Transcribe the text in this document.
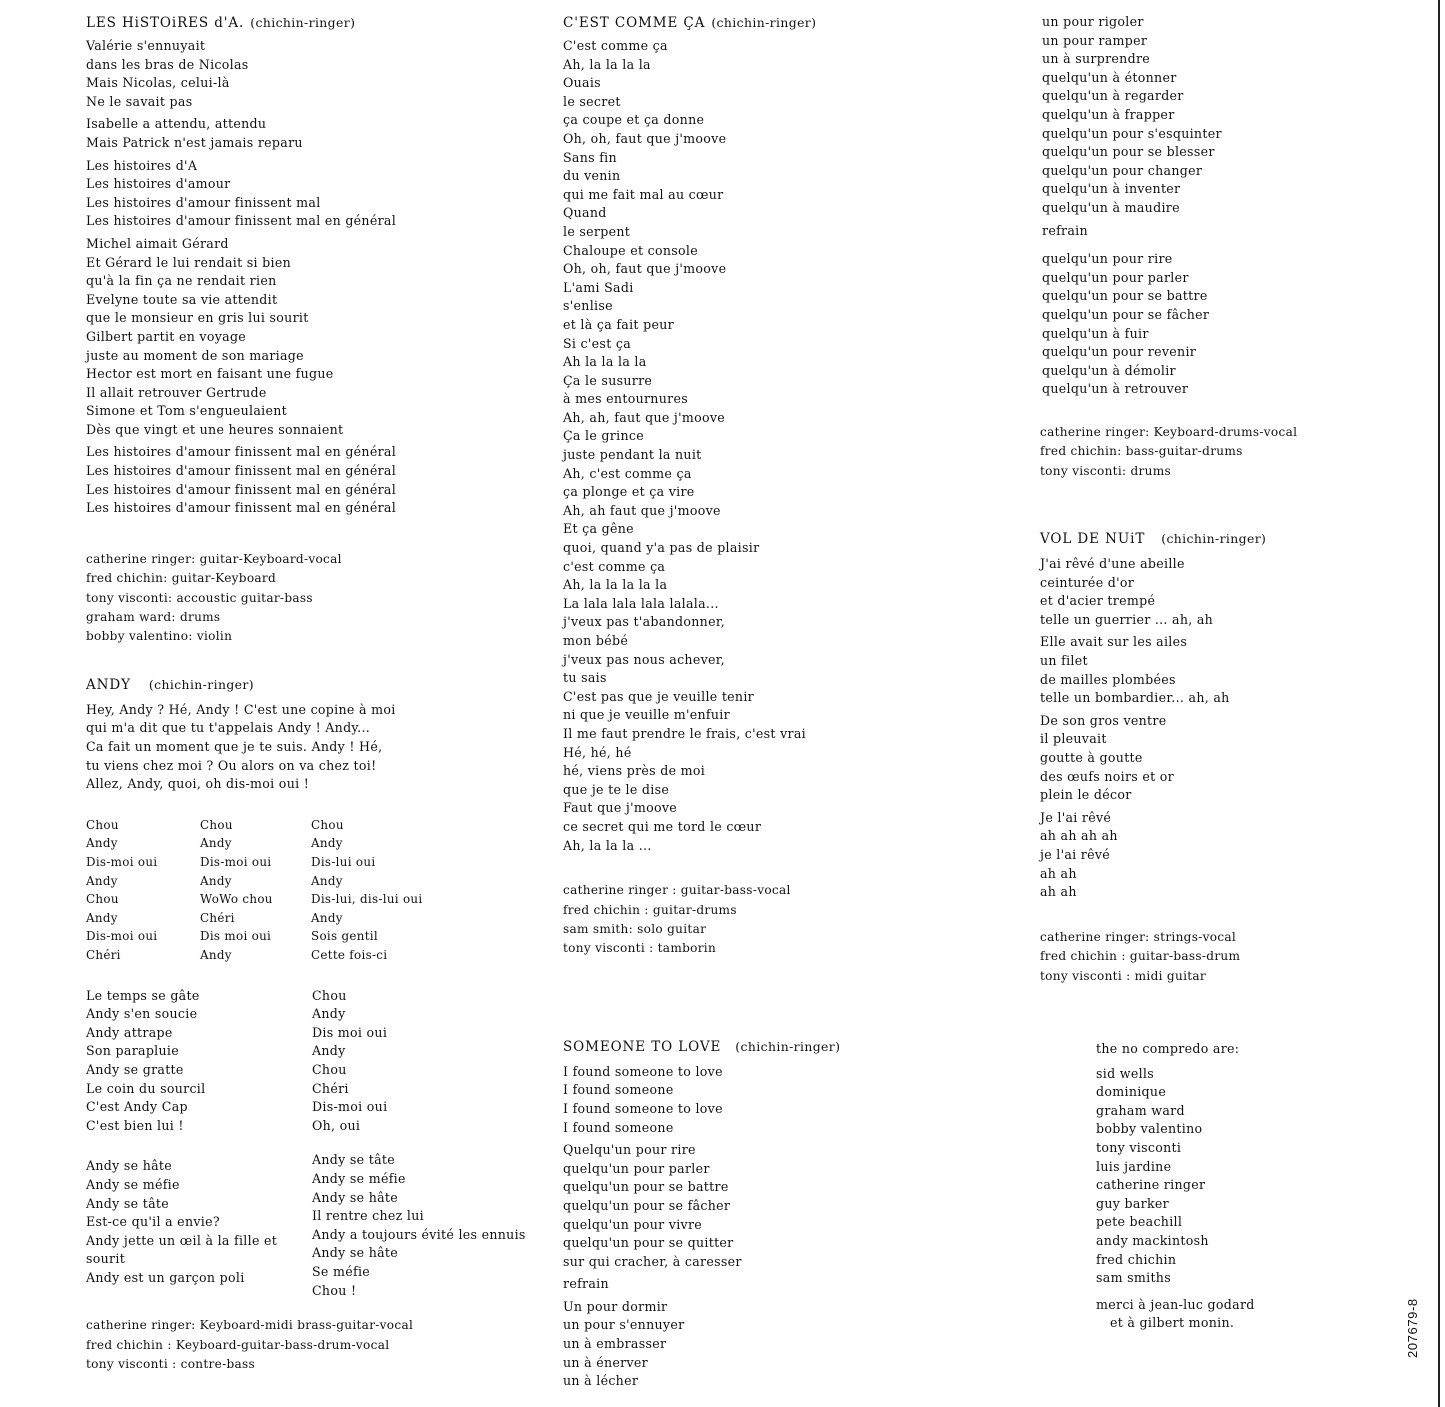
LES HiSTOiRES d'A. (chichin-ringer)
Valérie s'ennuyait
dans les bras de Nicolas
Mais Nicolas, celui-là
Ne le savait pas
Isabelle a attendu, attendu
Mais Patrick n'est jamais reparu
Les histoires d'A
Les histoires d'amour
Les histoires d'amour finissent mal
Les histoires d'amour finissent mal en général
Michel aimait Gérard
Et Gérard le lui rendait si bien
qu'à la fin ça ne rendait rien
Evelyne toute sa vie attendit
que le monsieur en gris lui sourit
Gilbert partit en voyage
juste au moment de son mariage
Hector est mort en faisant une fugue
Il allait retrouver Gertrude
Simone et Tom s'engueulaient
Dès que vingt et une heures sonnaient
Les histoires d'amour finissent mal en général
Les histoires d'amour finissent mal en général
Les histoires d'amour finissent mal en général
Les histoires d'amour finissent mal en général
catherine ringer: guitar-Keyboard-vocal
fred chichin: guitar-Keyboard
tony visconti: accoustic guitar-bass
graham ward: drums
bobby valentino: violin
ANDY (chichin-ringer)
Hey, Andy ? Hé, Andy ! C'est une copine à moi
qui m'a dit que tu t'appelais Andy ! Andy...
Ca fait un moment que je te suis. Andy ! Hé,
tu viens chez moi ? Ou alors on va chez toi!
Allez, Andy, quoi, oh dis-moi oui !
Chou
Andy
Dis-moi oui
Andy
Chou
Andy
Dis-moi oui
Chéri
Chou
Andy
Dis-moi oui
Andy
WoWo chou
Chéri
Dis moi oui
Andy
Chou
Andy
Dis-lui oui
Andy
Dis-lui, dis-lui oui
Andy
Sois gentil
Cette fois-ci
Le temps se gâte
Andy s'en soucie
Andy attrape
Son parapluie
Andy se gratte
Le coin du sourcil
C'est Andy Cap
C'est bien lui !
Chou
Andy
Dis moi oui
Andy
Chou
Chéri
Dis-moi oui
Oh, oui
Andy se hâte
Andy se méfie
Andy se tâte
Est-ce qu'il a envie?
Andy jette un œil à la fille et sourit
Andy est un garçon poli
Andy se tâte
Andy se méfie
Andy se hâte
Il rentre chez lui
Andy a toujours évité les ennuis
Andy se hâte
Se méfie
Chou !
catherine ringer: Keyboard-midi brass-guitar-vocal
fred chichin : Keyboard-guitar-bass-drum-vocal
tony visconti : contre-bass
C'EST COMME ÇA (chichin-ringer)
C'est comme ça
Ah, la la la la
Ouais
le secret
ça coupe et ça donne
Oh, oh, faut que j'moove
Sans fin
du venin
qui me fait mal au cœur
Quand
le serpent
Chaloupe et console
Oh, oh, faut que j'moove
L'ami Sadi
s'enlise
et là ça fait peur
Si c'est ça
Ah la la la la
Ça le susurre
à mes entournures
Ah, ah, faut que j'moove
Ça le grince
juste pendant la nuit
Ah, c'est comme ça
ça plonge et ça vire
Ah, ah faut que j'moove
Et ça gêne
quoi, quand y'a pas de plaisir
c'est comme ça
Ah, la la la la la
La lala lala lala lalala...
j'veux pas t'abandonner,
mon bébé
j'veux pas nous achever,
tu sais
C'est pas que je veuille tenir
ni que je veuille m'enfuir
Il me faut prendre le frais, c'est vrai
Hé, hé, hé
hé, viens près de moi
que je te le dise
Faut que j'moove
ce secret qui me tord le cœur
Ah, la la la ...
catherine ringer : guitar-bass-vocal
fred chichin : guitar-drums
sam smith: solo guitar
tony visconti : tamborin
SOMEONE TO LOVE (chichin-ringer)
I found someone to love
I found someone
I found someone to love
I found someone
Quelqu'un pour rire
quelqu'un pour parler
quelqu'un pour se battre
quelqu'un pour se fâcher
quelqu'un pour vivre
quelqu'un pour se quitter
sur qui cracher, à caresser
refrain
Un pour dormir
un pour s'ennuyer
un à embrasser
un à énerver
un à lécher
un pour rigoler
un pour ramper
un à surprendre
quelqu'un à étonner
quelqu'un à regarder
quelqu'un à frapper
quelqu'un pour s'esquinter
quelqu'un pour se blesser
quelqu'un pour changer
quelqu'un à inventer
quelqu'un à maudire
refrain
quelqu'un pour rire
quelqu'un pour parler
quelqu'un pour se battre
quelqu'un pour se fâcher
quelqu'un à fuir
quelqu'un pour revenir
quelqu'un à démolir
quelqu'un à retrouver
catherine ringer: Keyboard-drums-vocal
fred chichin: bass-guitar-drums
tony visconti: drums
VOL DE NUiT (chichin-ringer)
J'ai rêvé d'une abeille
ceinturée d'or
et d'acier trempé
telle un guerrier ... ah, ah
Elle avait sur les ailes
un filet
de mailles plombées
telle un bombardier... ah, ah
De son gros ventre
il pleuvait
goutte à goutte
des œufs noirs et or
plein le décor
Je l'ai rêvé
ah ah ah ah
je l'ai rêvé
ah ah
ah ah
catherine ringer: strings-vocal
fred chichin : guitar-bass-drum
tony visconti : midi guitar
the no compredo are:
sid wells
dominique
graham ward
bobby valentino
tony visconti
luis jardine
catherine ringer
guy barker
pete beachill
andy mackintosh
fred chichin
sam smiths
merci à jean-luc godard
et à gilbert monin.	207679-8
